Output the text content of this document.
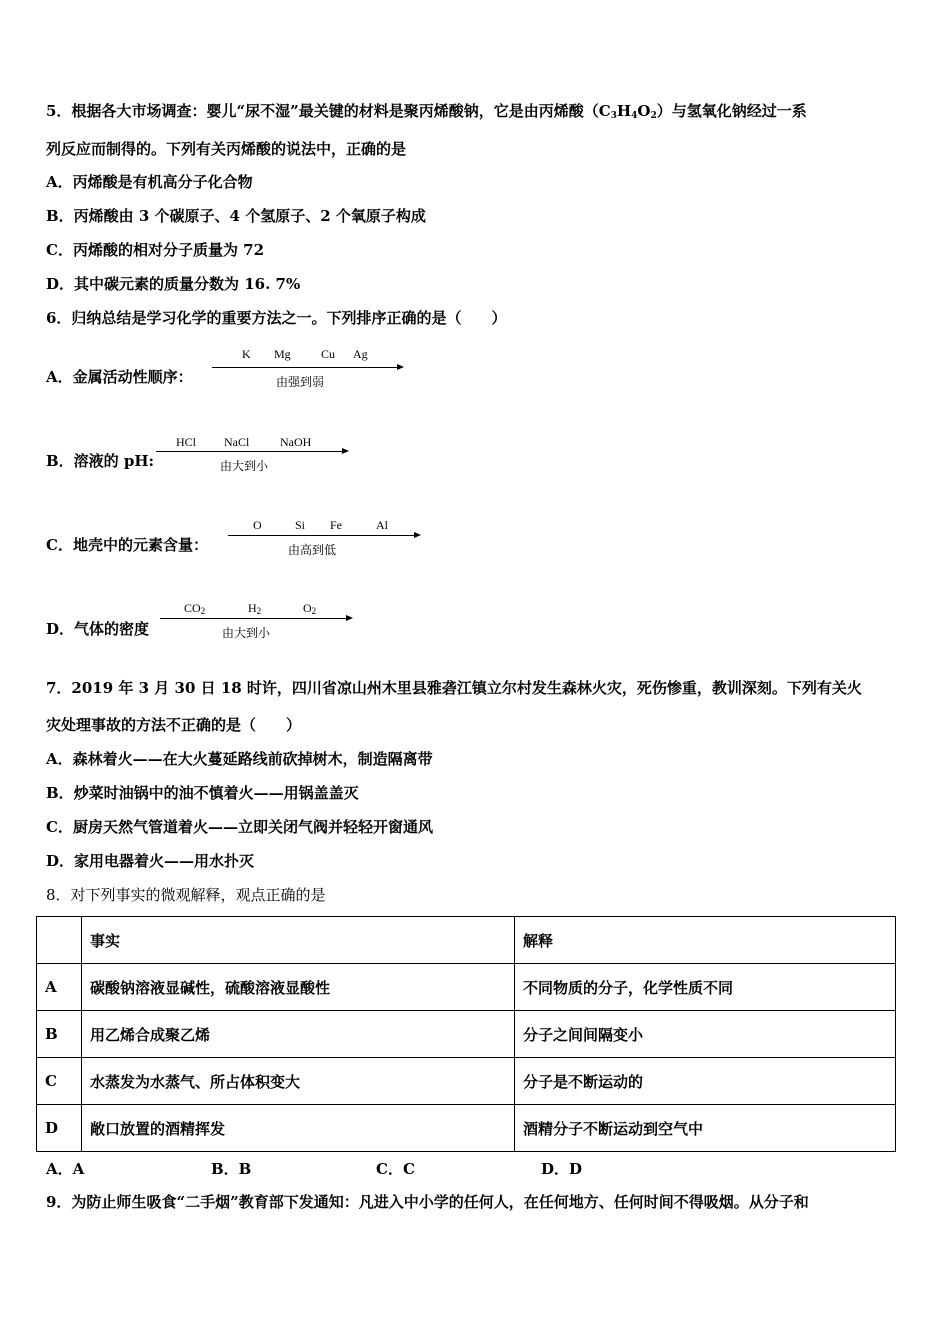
5．根据各大市场调查：婴儿“尿不湿”最关键的材料是聚丙烯酸钠，它是由丙烯酸$(C_3H_4O_2)$与氢氧化钠经过一系
列反应而制得的。下列有关丙烯酸的说法中，正确的是
A．丙烯酸是有机高分子化合物
B．丙烯酸由 3 个碳原子、4 个氢原子、2 个氧原子构成
C．丙烯酸的相对分子质量为 72
D．其中碳元素的质量分数为 16. 7%
6．归纳总结是学习化学的重要方法之一。下列排序正确的是（　　）
A．金属活动性顺序：
K Mg	Cu Ag
由强到弱
B．溶液的 pH:
HCl NaCl	NaOH
由大到小
C．地壳中的元素含量：
O	Si Fe	Al
由高到低
D．气体的密度
$CO_2$	$H_2$	$O_2$
由大到小
7．2019 年 3 月 30 日 18 时许，四川省凉山州木里县雅砻江镇立尔村发生森林火灾，死伤惨重，教训深刻。下列有关火
灾处理事故的方法不正确的是（　　）
A．森林着火——在大火蔓延路线前砍掉树木，制造隔离带
B．炒菜时油锅中的油不慎着火——用锅盖盖灭
C．厨房天然气管道着火——立即关闭气阀并轻轻开窗通风
D．家用电器着火——用水扑灭
8．对下列事实的微观解释，观点正确的是
	事实	解释
A	碳酸钠溶液显碱性，硫酸溶液显酸性	不同物质的分子，化学性质不同
B	用乙烯合成聚乙烯	分子之间间隔变小
C	水蒸发为水蒸气、所占体积变大	分子是不断运动的
D	敞口放置的酒精挥发	酒精分子不断运动到空气中
A．A	B．B	C．C	D．D
9．为防止师生吸食“二手烟”教育部下发通知：凡进入中小学的任何人，在任何地方、任何时间不得吸烟。从分子和
